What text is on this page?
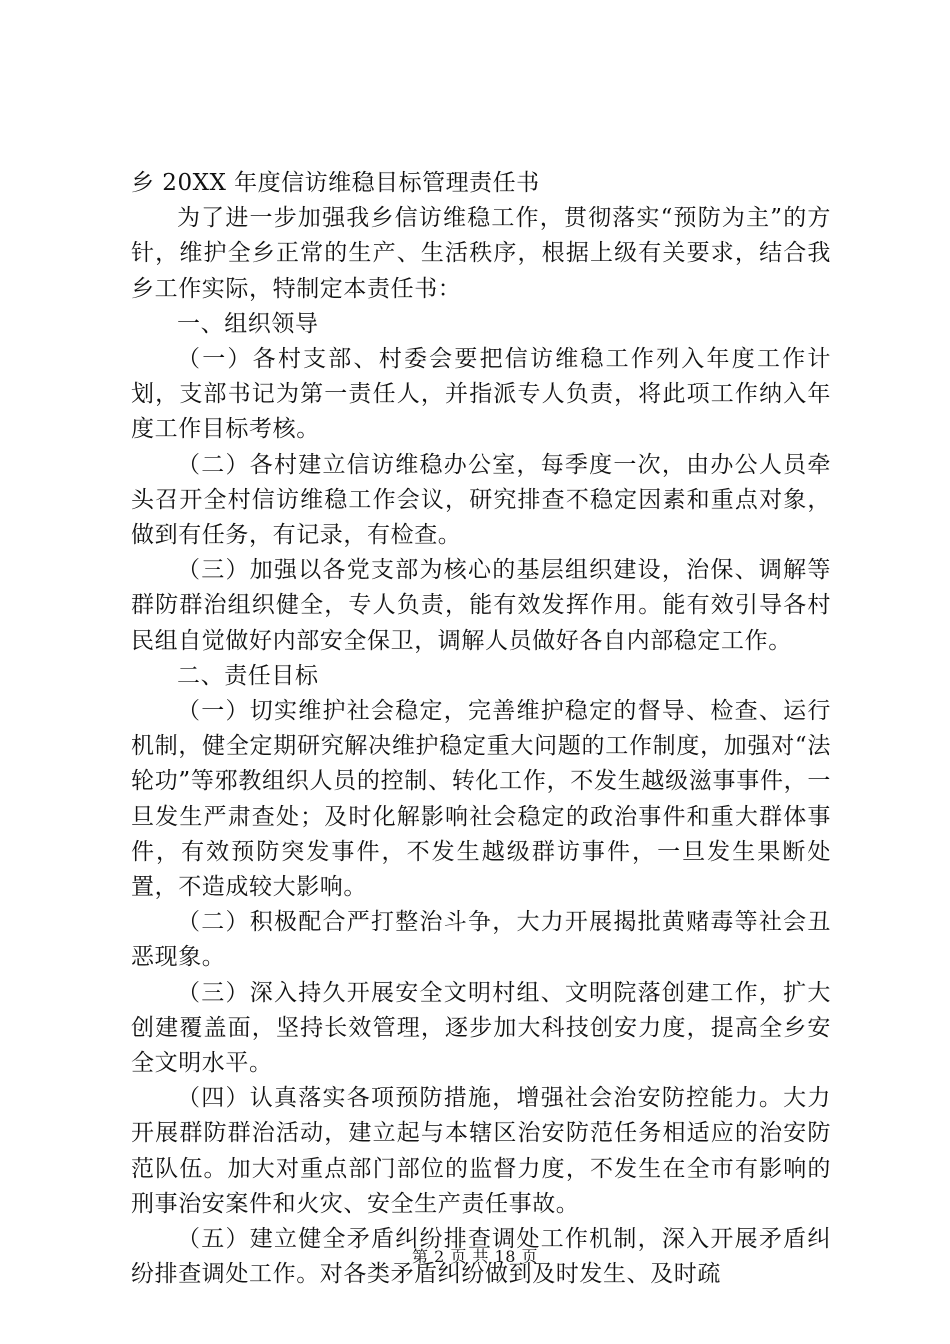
乡 20XX 年度信访维稳目标管理责任书

为了进一步加强我乡信访维稳工作，贯彻落实“预防为主”的方针，维护全乡正常的生产、生活秩序，根据上级有关要求，结合我乡工作实际，特制定本责任书：

一、组织领导

（一）各村支部、村委会要把信访维稳工作列入年度工作计划，支部书记为第一责任人，并指派专人负责，将此项工作纳入年度工作目标考核。

（二）各村建立信访维稳办公室，每季度一次，由办公人员牵头召开全村信访维稳工作会议，研究排查不稳定因素和重点对象，做到有任务，有记录，有检查。

（三）加强以各党支部为核心的基层组织建设，治保、调解等群防群治组织健全，专人负责，能有效发挥作用。能有效引导各村民组自觉做好内部安全保卫，调解人员做好各自内部稳定工作。

二、责任目标

（一）切实维护社会稳定，完善维护稳定的督导、检查、运行机制，健全定期研究解决维护稳定重大问题的工作制度，加强对“法轮功”等邪教组织人员的控制、转化工作，不发生越级滋事事件，一旦发生严肃查处；及时化解影响社会稳定的政治事件和重大群体事件，有效预防突发事件，不发生越级群访事件，一旦发生果断处置，不造成较大影响。

（二）积极配合严打整治斗争，大力开展揭批黄赌毒等社会丑恶现象。

（三）深入持久开展安全文明村组、文明院落创建工作，扩大创建覆盖面，坚持长效管理，逐步加大科技创安力度，提高全乡安全文明水平。

（四）认真落实各项预防措施，增强社会治安防控能力。大力开展群防群治活动，建立起与本辖区治安防范任务相适应的治安防范队伍。加大对重点部门部位的监督力度，不发生在全市有影响的刑事治安案件和火灾、安全生产责任事故。

（五）建立健全矛盾纠纷排查调处工作机制，深入开展矛盾纠纷排查调处工作。对各类矛盾纠纷做到及时发生、及时疏

第 2 页 共 18 页
